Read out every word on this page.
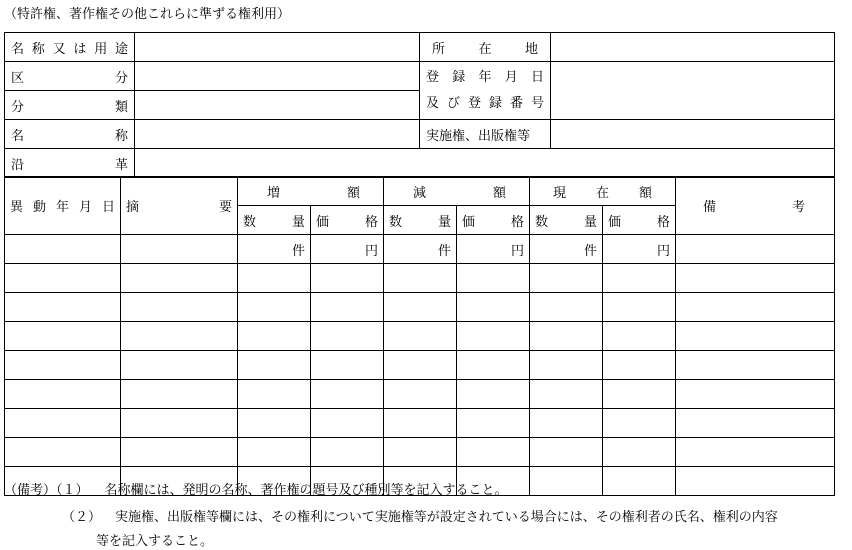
（特許権、著作権その他これらに準ずる権利用）
名称又は用途		所在地	

区分		登録年月日
及び登録番号	

分類			
名称		実施権、出版権等	
沿革			
異動年月日	摘要	増額		減額		現在額		備考

		数量	価格	数量	価格	数量	価格	
		件	円	件	円	件	円	

（備考）（１） 名称欄には、発明の名称、著作権の題号及び種別等を記入すること。
（２） 実施権、出版権等欄には、その権利について実施権等が設定されている場合には、その権利者の氏名、権利の内容
等を記入すること。
